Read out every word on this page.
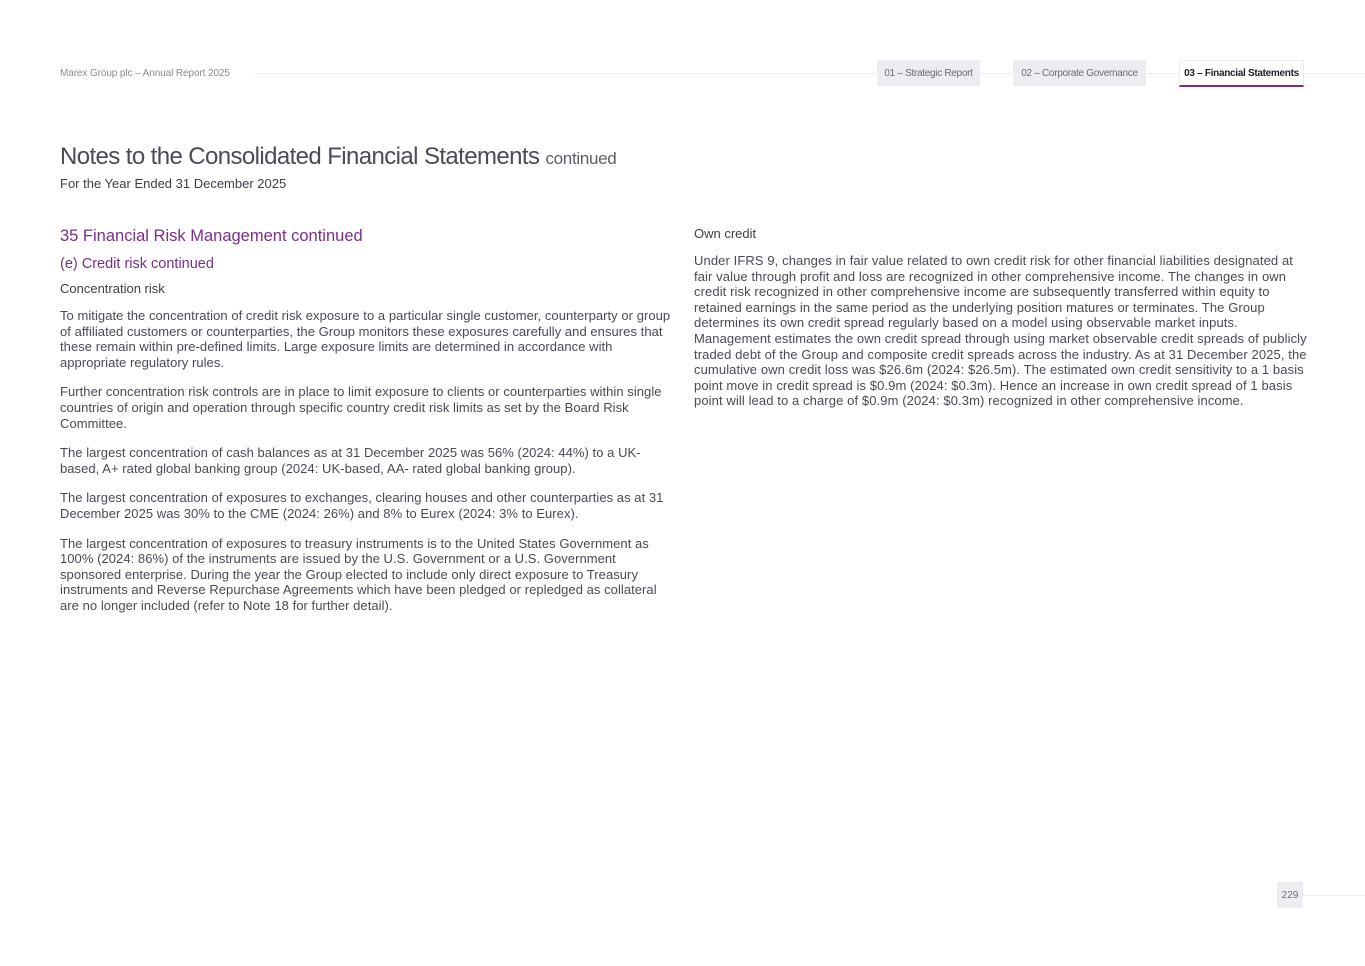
Marex Group plc – Annual Report 2025	01 – Strategic Report	02 – Corporate Governance	03 – Financial Statements
Notes to the Consolidated Financial Statements continued
For the Year Ended 31 December 2025
35 Financial Risk Management continued
(e) Credit risk continued
Concentration risk

To mitigate the concentration of credit risk exposure to a particular single customer, counterparty or group of affiliated customers or counterparties, the Group monitors these exposures carefully and ensures that these remain within pre-defined limits. Large exposure limits are determined in accordance with appropriate regulatory rules.

Further concentration risk controls are in place to limit exposure to clients or counterparties within single countries of origin and operation through specific country credit risk limits as set by the Board Risk Committee.

The largest concentration of cash balances as at 31 December 2025 was 56% (2024: 44%) to a UK-based, A+ rated global banking group (2024: UK-based, AA- rated global banking group).

The largest concentration of exposures to exchanges, clearing houses and other counterparties as at 31 December 2025 was 30% to the CME (2024: 26%) and 8% to Eurex (2024: 3% to Eurex).

The largest concentration of exposures to treasury instruments is to the United States Government as 100% (2024: 86%) of the instruments are issued by the U.S. Government or a U.S. Government sponsored enterprise. During the year the Group elected to include only direct exposure to Treasury instruments and Reverse Repurchase Agreements which have been pledged or repledged as collateral are no longer included (refer to Note 18 for further detail).

Own credit

Under IFRS 9, changes in fair value related to own credit risk for other financial liabilities designated at fair value through profit and loss are recognized in other comprehensive income. The changes in own credit risk recognized in other comprehensive income are subsequently transferred within equity to retained earnings in the same period as the underlying position matures or terminates. The Group determines its own credit spread regularly based on a model using observable market inputs. Management estimates the own credit spread through using market observable credit spreads of publicly traded debt of the Group and composite credit spreads across the industry. As at 31 December 2025, the cumulative own credit loss was $26.6m (2024: $26.5m). The estimated own credit sensitivity to a 1 basis point move in credit spread is $0.9m (2024: $0.3m). Hence an increase in own credit spread of 1 basis point will lead to a charge of $0.9m (2024: $0.3m) recognized in other comprehensive income.

229
